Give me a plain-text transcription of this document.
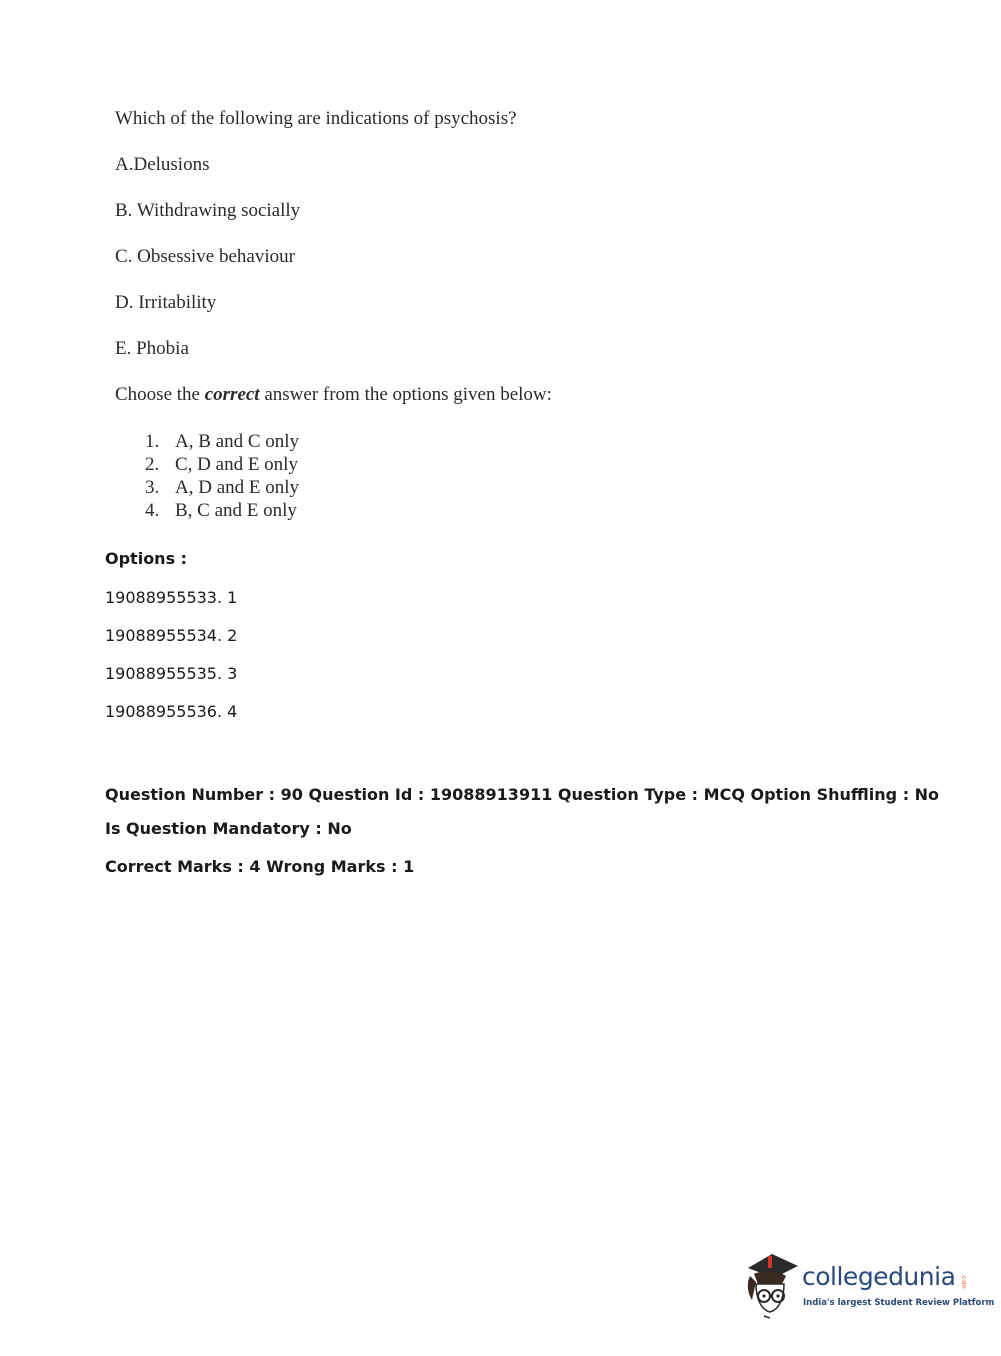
Which of the following are indications of psychosis?
A.Delusions
B. Withdrawing socially
C. Obsessive behaviour
D. Irritability
E. Phobia
Choose the correct answer from the options given below:
1. A, B and C only
2. C, D and E only
3. A, D and E only
4. B, C and E only
Options :
19088955533. 1
19088955534. 2
19088955535. 3
19088955536. 4
Question Number : 90 Question Id : 19088913911 Question Type : MCQ Option Shuffling : No
Is Question Mandatory : No
Correct Marks : 4 Wrong Marks : 1
collegedunia .com
India's largest Student Review Platform
